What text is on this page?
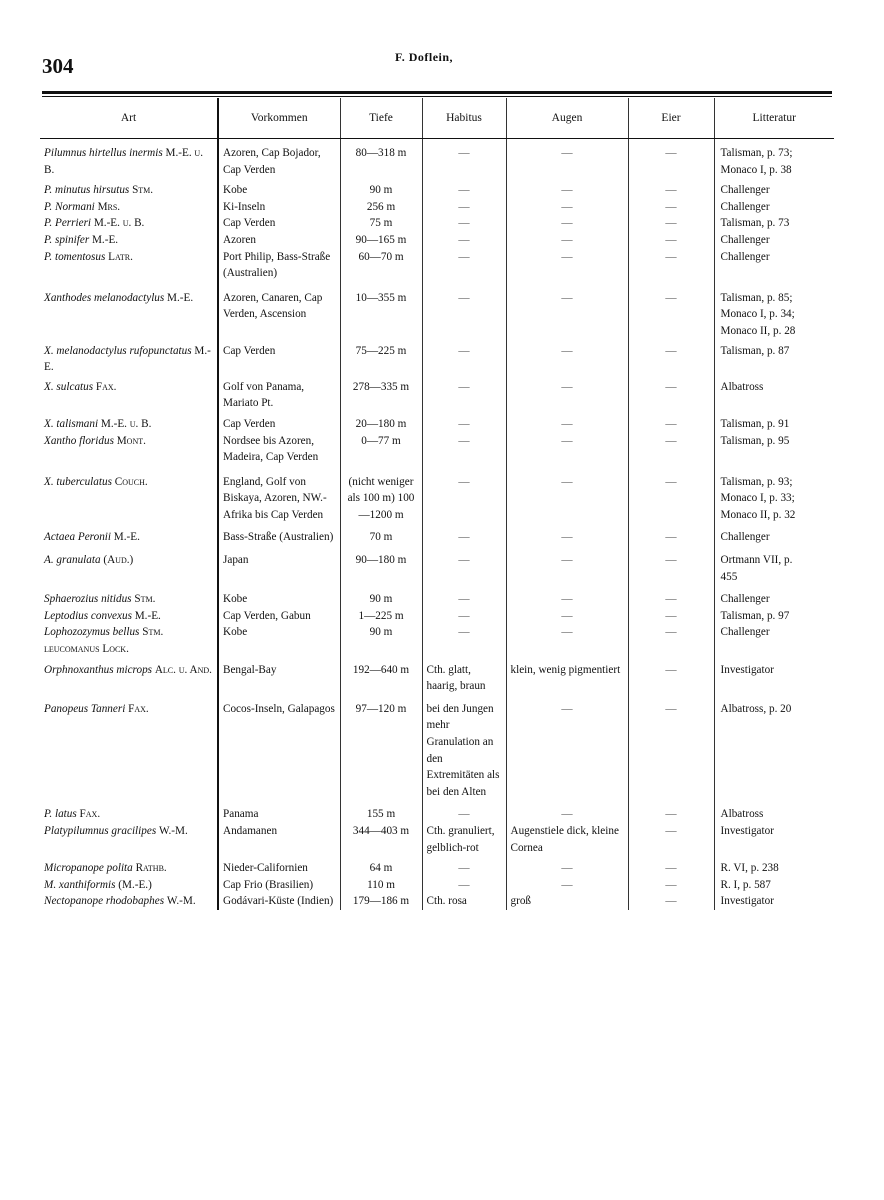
304	F. Doflein,
Art	Vorkommen	Tiefe	Habitus	Augen	Eier	Litteratur

Pilumnus hirtellus inermis M.-E. u. B.	Azoren, Cap Bojador, Cap Verden	80—318 m	—	—	—	Talisman, p. 73;
Monaco I, p. 38

P. minutus hirsutus Stm.	Kobe	90 m	—	—	—	Challenger

P. Normani Mrs.	Ki-Inseln	256 m	—	—	—	Challenger

P. Perrieri M.-E. u. B.	Cap Verden	75 m	—	—	—	Talisman, p. 73

P. spinifer M.-E.	Azoren	90—165 m	—	—	—	Challenger

P. tomentosus Latr.	Port Philip, Bass-Straße (Australien)	60—70 m	—	—	—	Challenger

Xanthodes melanodactylus M.-E.	Azoren, Canaren, Cap Verden, Ascension	10—355 m	—	—	—	Talisman, p. 85;
Monaco I, p. 34;
Monaco II, p. 28

X. melanodactylus rufopunctatus M.-E.	Cap Verden	75—225 m	—	—	—	Talisman, p. 87

X. sulcatus Fax.	Golf von Panama, Mariato Pt.	278—335 m	—	—	—	Albatross

X. talismani M.-E. u. B.	Cap Verden	20—180 m	—	—	—	Talisman, p. 91

Xantho floridus Mont.	Nordsee bis Azoren, Madeira, Cap Verden	0—77 m	—	—	—	Talisman, p. 95

X. tuberculatus Couch.	England, Golf von Biskaya, Azoren, NW.-Afrika bis Cap Verden	(nicht weniger als 100 m) 100—1200 m	—	—	—	Talisman, p. 93;
Monaco I, p. 33;
Monaco II, p. 32

Actaea Peronii M.-E.	Bass-Straße (Australien)	70 m	—	—	—	Challenger

A. granulata (Aud.)	Japan	90—180 m	—	—	—	Ortmann VII, p.
455

Sphaerozius nitidus Stm.	Kobe	90 m	—	—	—	Challenger

Leptodius convexus M.-E.	Cap Verden, Gabun	1—225 m	—	—	—	Talisman, p. 97

Lophozozymus bellus Stm. leucomanus Lock.	Kobe	90 m	—	—	—	Challenger

Orphnoxanthus microps Alc. u. And.	Bengal-Bay	192—640 m	Cth. glatt, haarig, braun	klein, wenig pigmentiert	—	Investigator

Panopeus Tanneri Fax.	Cocos-Inseln, Galapagos	97—120 m	bei den Jungen mehr Granulation an den Extremitäten als bei den Alten	—	—	Albatross, p. 20

P. latus Fax.	Panama	155 m	—	—	—	Albatross

Platypilumnus gracilipes W.-M.	Andamanen	344—403 m	Cth. granuliert, gelblich-rot	Augenstiele dick, kleine Cornea	—	Investigator

Micropanope polita Rathb.	Nieder-Californien	64 m	—	—	—	R. VI, p. 238

M. xanthiformis (M.-E.)	Cap Frio (Brasilien)	110 m	—	—	—	R. I, p. 587

Nectopanope rhodobaphes W.-M.	Godávari-Küste (Indien)	179—186 m	Cth. rosa	groß	—	Investigator
